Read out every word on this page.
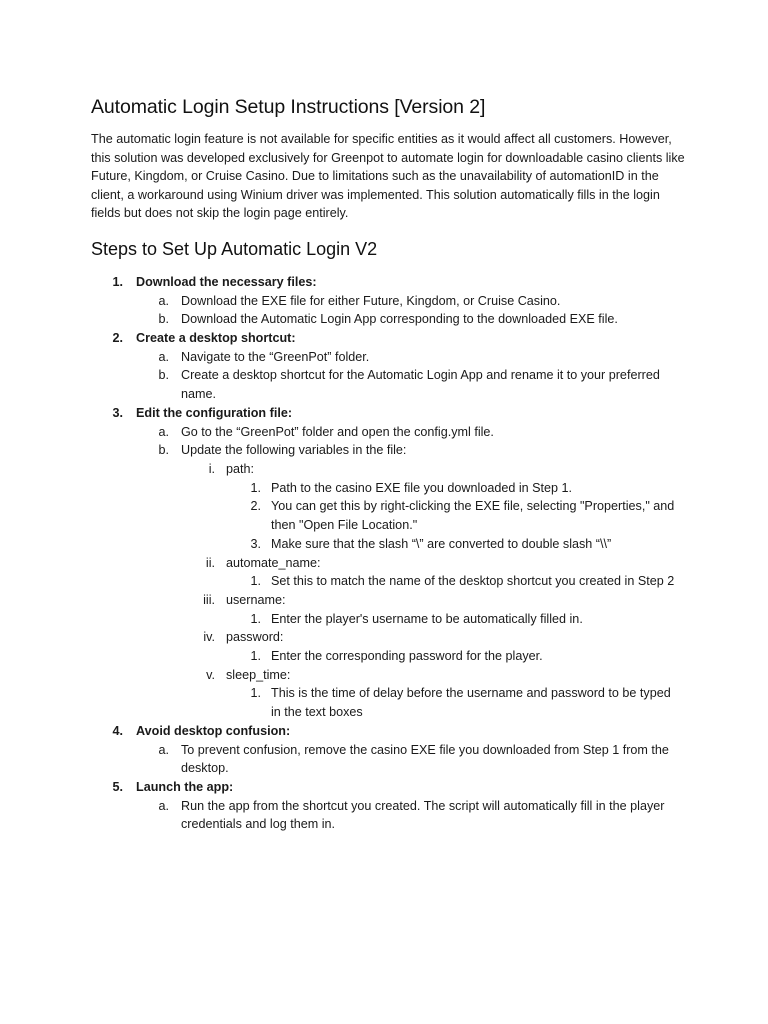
Automatic Login Setup Instructions [Version 2]

The automatic login feature is not available for specific entities as it would affect all customers. However, this solution was developed exclusively for Greenpot to automate login for downloadable casino clients like Future, Kingdom, or Cruise Casino. Due to limitations such as the unavailability of automationID in the client, a workaround using Winium driver was implemented. This solution automatically fills in the login fields but does not skip the login page entirely.

Steps to Set Up Automatic Login V2
1. Download the necessary files:
a. Download the EXE file for either Future, Kingdom, or Cruise Casino.
b. Download the Automatic Login App corresponding to the downloaded EXE file.
2. Create a desktop shortcut:
a. Navigate to the “GreenPot” folder.
b. Create a desktop shortcut for the Automatic Login App and rename it to your preferred name.
3. Edit the configuration file:
a. Go to the “GreenPot” folder and open the config.yml file.
b. Update the following variables in the file:
i. path:
1. Path to the casino EXE file you downloaded in Step 1.
2. You can get this by right-clicking the EXE file, selecting "Properties," and then "Open File Location."
3. Make sure that the slash “\” are converted to double slash “\\”
ii. automate_name:
1. Set this to match the name of the desktop shortcut you created in Step 2
iii. username:
1. Enter the player's username to be automatically filled in.
iv. password:
1. Enter the corresponding password for the player.
v. sleep_time:
1. This is the time of delay before the username and password to be typed in the text boxes
4. Avoid desktop confusion:
a. To prevent confusion, remove the casino EXE file you downloaded from Step 1 from the desktop.
5. Launch the app:
a. Run the app from the shortcut you created. The script will automatically fill in the player credentials and log them in.
